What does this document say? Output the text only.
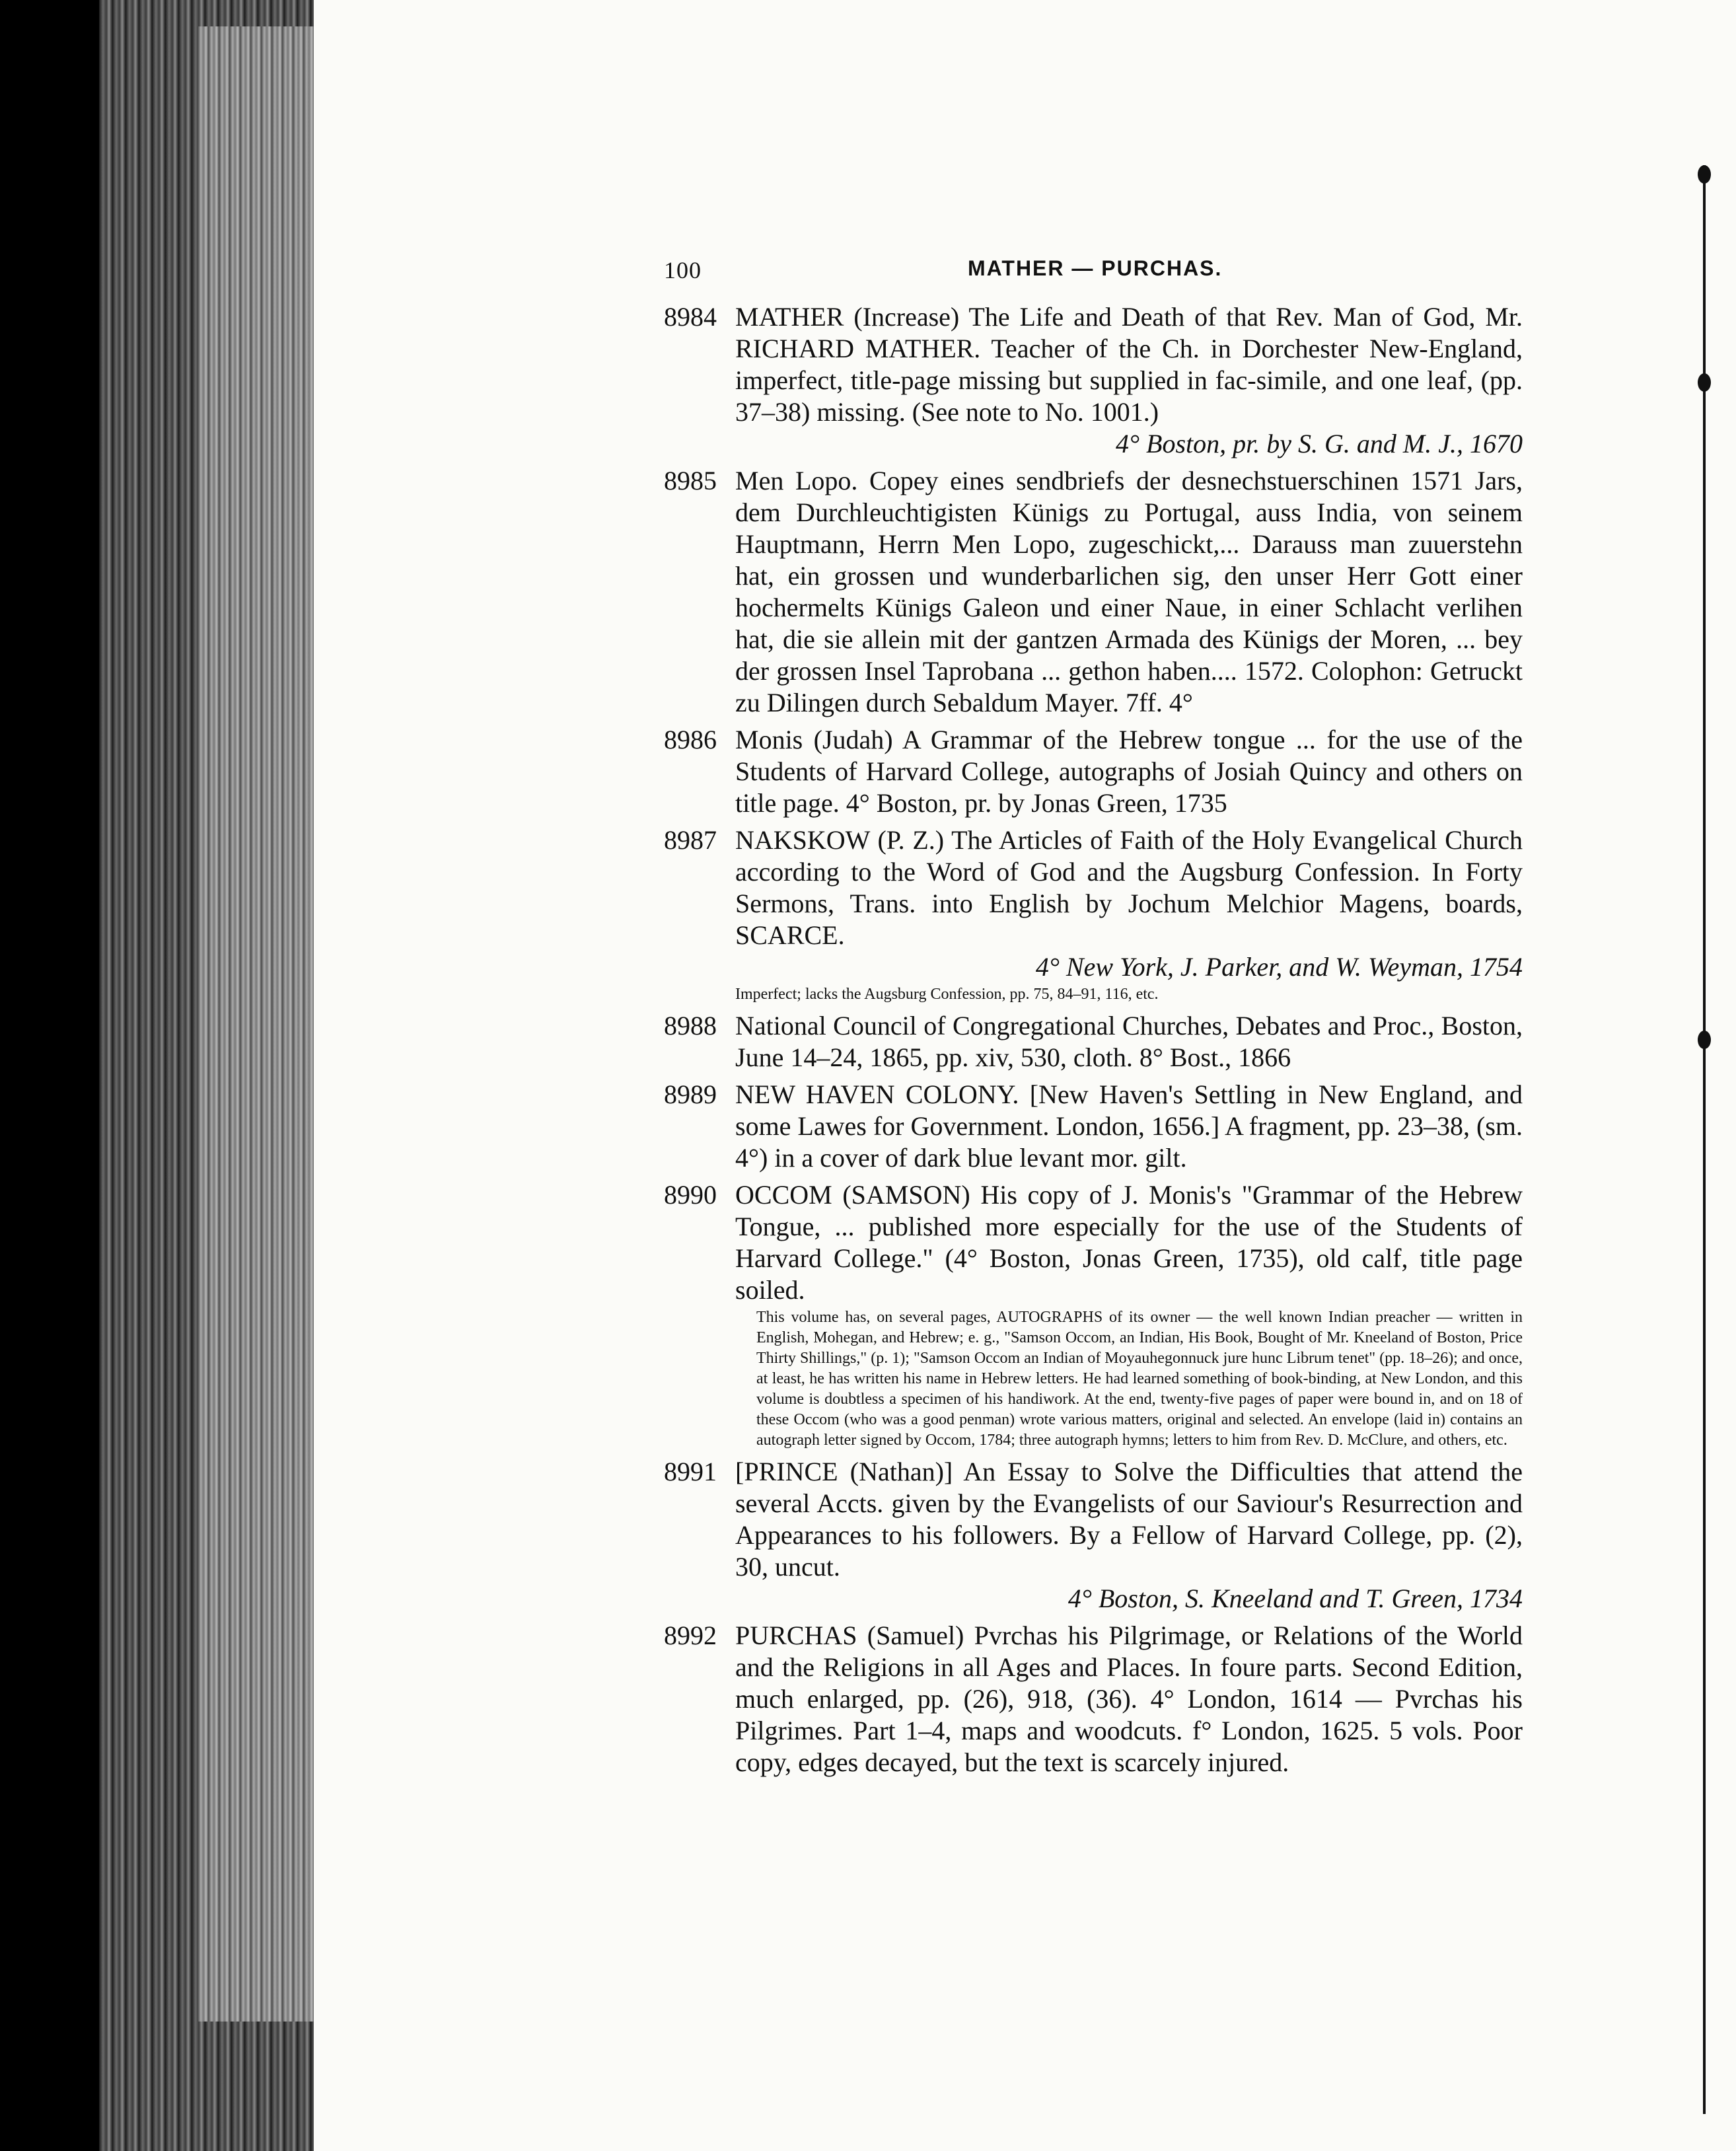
100	MATHER — PURCHAS.
8984 MATHER (Increase) The Life and Death of that Rev. Man of God, Mr. RICHARD MATHER. Teacher of the Ch. in Dorchester New-England, imperfect, title-page missing but supplied in fac-simile, and one leaf, (pp. 37–38) missing. (See note to No. 1001.)
4° Boston, pr. by S. G. and M. J., 1670
8985 Men Lopo. Copey eines sendbriefs der desnechstuerschinen 1571 Jars, dem Durchleuchtigisten Künigs zu Portugal, auss India, von seinem Hauptmann, Herrn Men Lopo, zugeschickt,... Darauss man zuuerstehn hat, ein grossen und wunderbarlichen sig, den unser Herr Gott einer hochermelts Künigs Galeon und einer Naue, in einer Schlacht verlihen hat, die sie allein mit der gantzen Armada des Künigs der Moren, ... bey der grossen Insel Taprobana ... gethon haben.... 1572. Colophon: Getruckt zu Dilingen durch Sebaldum Mayer. 7ff. 4°
8986 Monis (Judah) A Grammar of the Hebrew tongue ... for the use of the Students of Harvard College, autographs of Josiah Quincy and others on title page. 4° Boston, pr. by Jonas Green, 1735
8987 NAKSKOW (P. Z.) The Articles of Faith of the Holy Evangelical Church according to the Word of God and the Augsburg Confession. In Forty Sermons, Trans. into English by Jochum Melchior Magens, boards, SCARCE.
4° New York, J. Parker, and W. Weyman, 1754
Imperfect; lacks the Augsburg Confession, pp. 75, 84–91, 116, etc.
8988 National Council of Congregational Churches, Debates and Proc., Boston, June 14–24, 1865, pp. xiv, 530, cloth. 8° Bost., 1866
8989 NEW HAVEN COLONY. [New Haven's Settling in New England, and some Lawes for Government. London, 1656.] A fragment, pp. 23–38, (sm. 4°) in a cover of dark blue levant mor. gilt.
8990 OCCOM (SAMSON) His copy of J. Monis's "Grammar of the Hebrew Tongue, ... published more especially for the use of the Students of Harvard College." (4° Boston, Jonas Green, 1735), old calf, title page soiled.
This volume has, on several pages, AUTOGRAPHS of its owner — the well known Indian preacher — written in English, Mohegan, and Hebrew; e. g., "Samson Occom, an Indian, His Book, Bought of Mr. Kneeland of Boston, Price Thirty Shillings," (p. 1); "Samson Occom an Indian of Moyauhegonnuck jure hunc Librum tenet" (pp. 18–26); and once, at least, he has written his name in Hebrew letters. He had learned something of book-binding, at New London, and this volume is doubtless a specimen of his handiwork. At the end, twenty-five pages of paper were bound in, and on 18 of these Occom (who was a good penman) wrote various matters, original and selected. An envelope (laid in) contains an autograph letter signed by Occom, 1784; three autograph hymns; letters to him from Rev. D. McClure, and others, etc.
8991 [PRINCE (Nathan)] An Essay to Solve the Difficulties that attend the several Accts. given by the Evangelists of our Saviour's Resurrection and Appearances to his followers. By a Fellow of Harvard College, pp. (2), 30, uncut.
4° Boston, S. Kneeland and T. Green, 1734
8992 PURCHAS (Samuel) Pvrchas his Pilgrimage, or Relations of the World and the Religions in all Ages and Places. In foure parts. Second Edition, much enlarged, pp. (26), 918, (36). 4° London, 1614 — Pvrchas his Pilgrimes. Part 1–4, maps and woodcuts. f° London, 1625. 5 vols. Poor copy, edges decayed, but the text is scarcely injured.
